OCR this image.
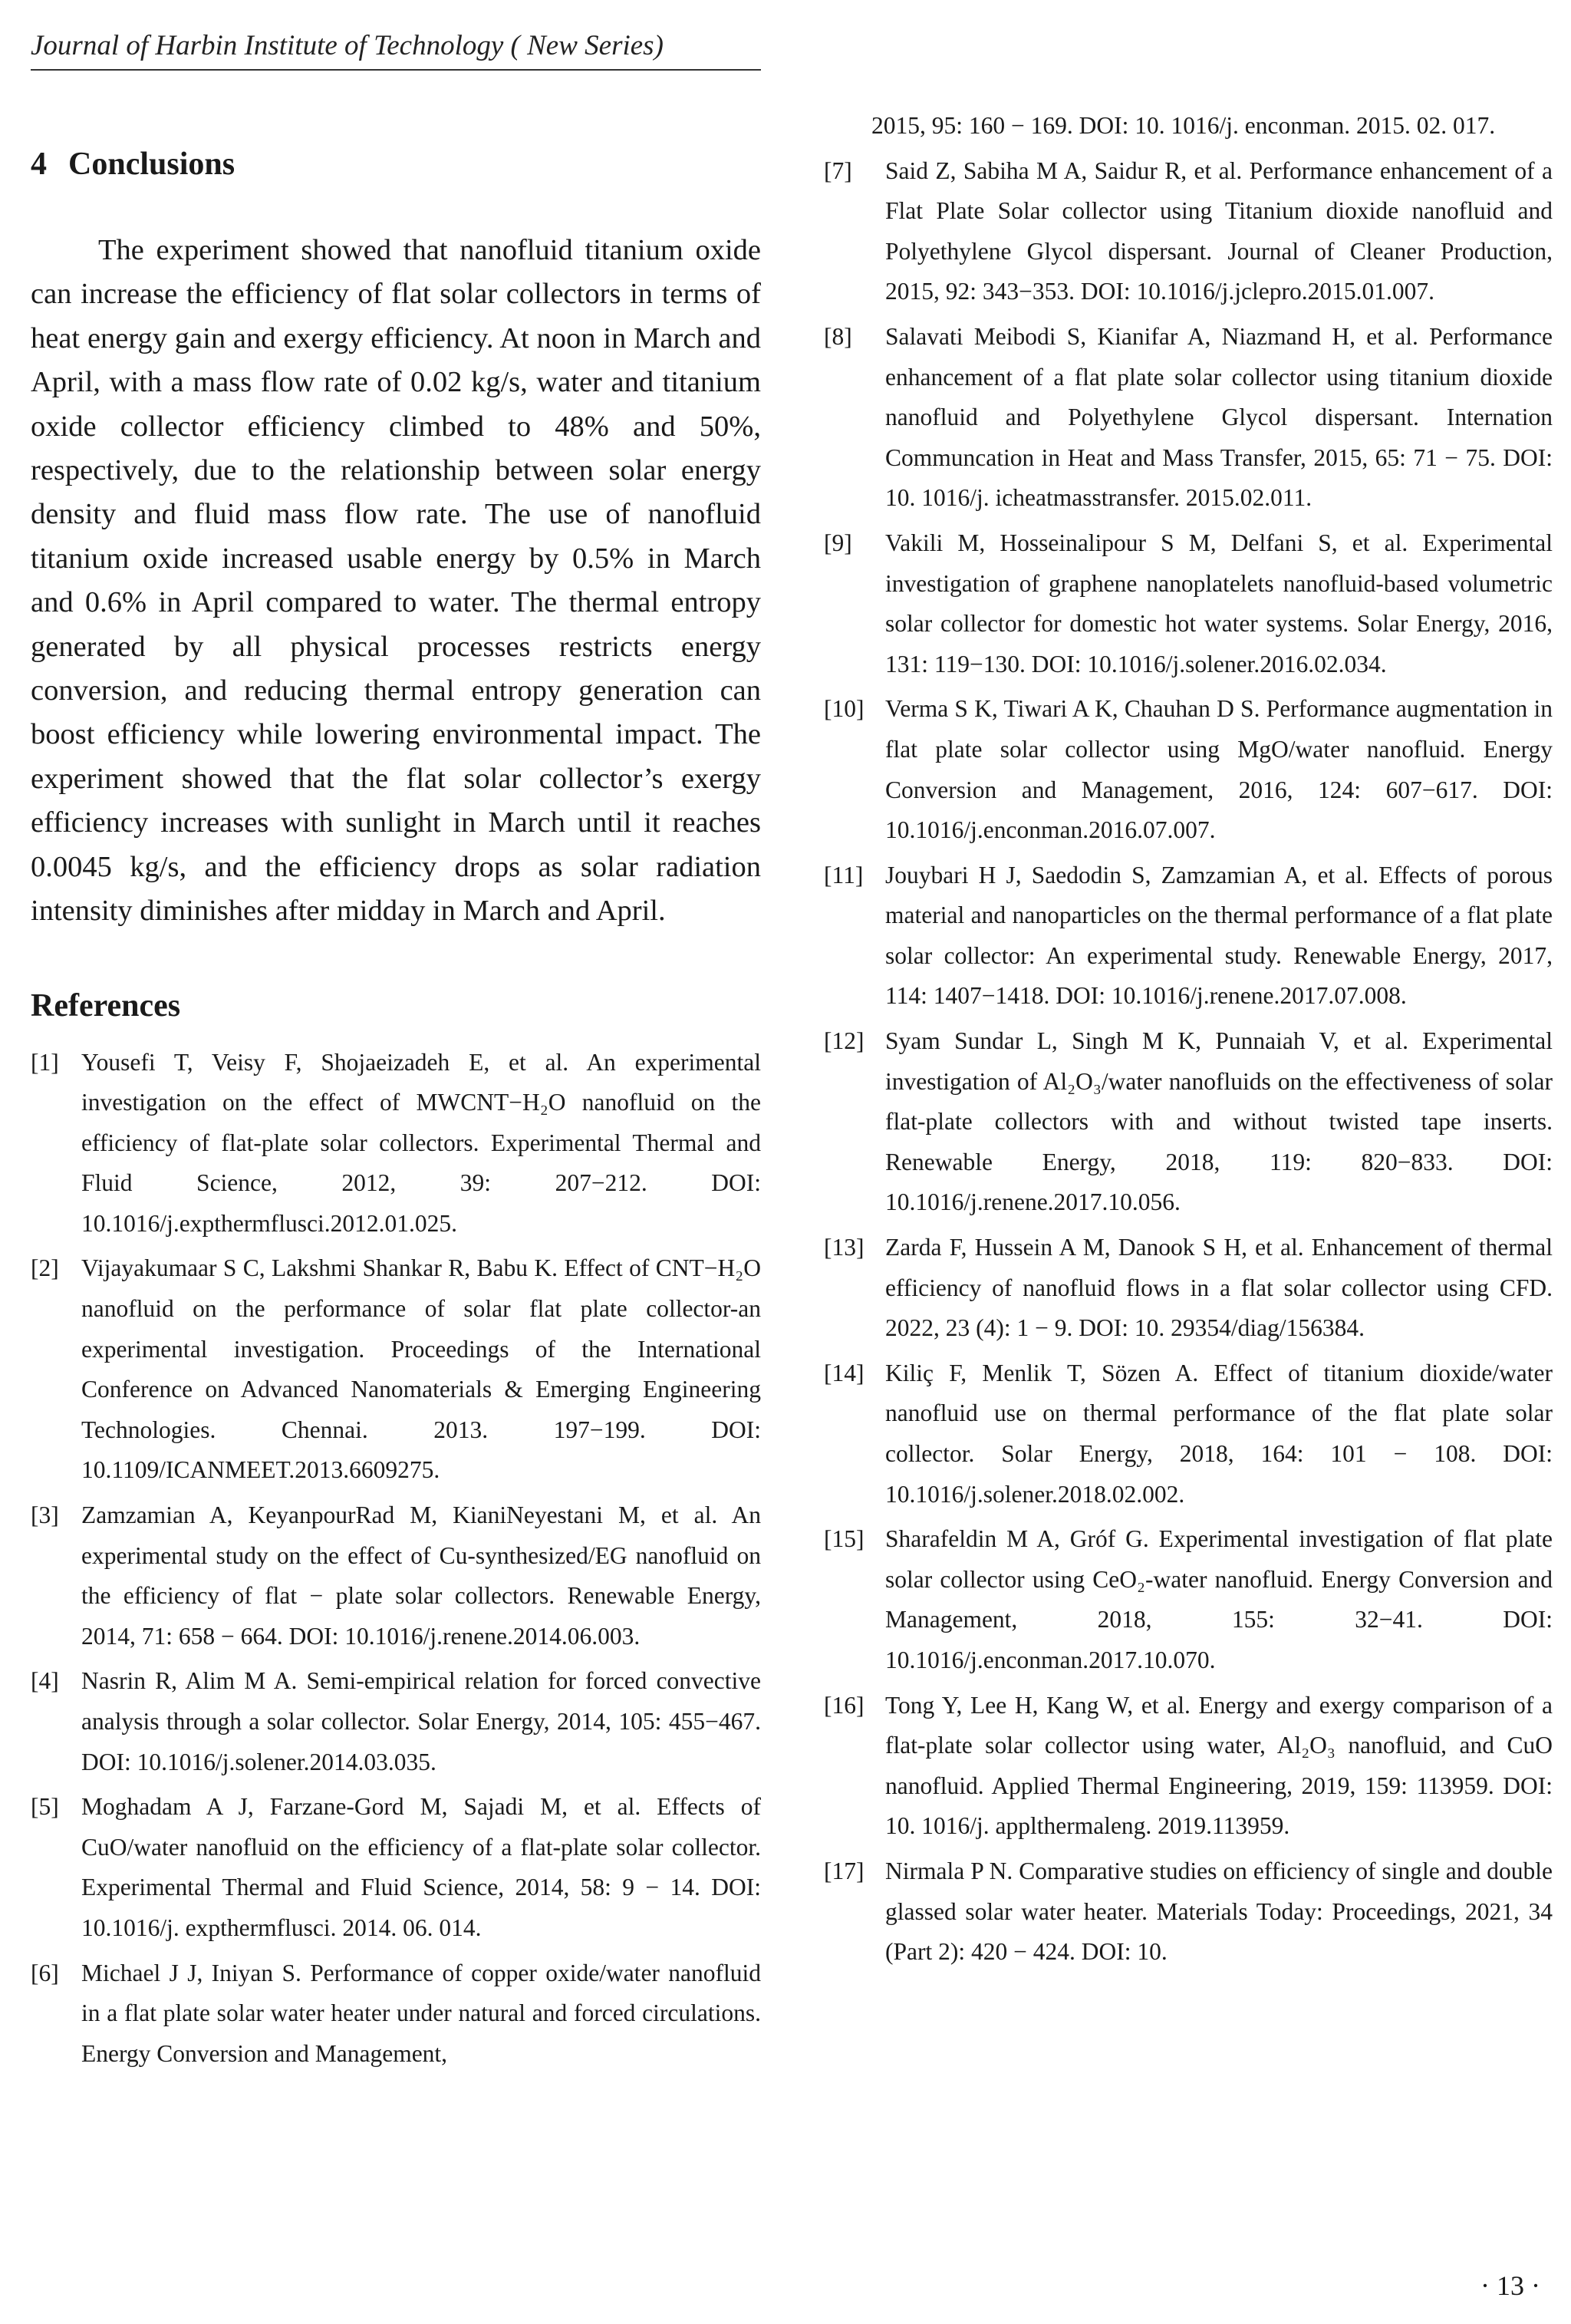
Journal of Harbin Institute of Technology ( New Series)
4 Conclusions

The experiment showed that nanofluid titanium oxide can increase the efficiency of flat solar collectors in terms of heat energy gain and exergy efficiency. At noon in March and April, with a mass flow rate of 0.02 kg/s, water and titanium oxide collector efficiency climbed to 48% and 50%, respectively, due to the relationship between solar energy density and fluid mass flow rate. The use of nanofluid titanium oxide increased usable energy by 0.5% in March and 0.6% in April compared to water. The thermal entropy generated by all physical processes restricts energy conversion, and reducing thermal entropy generation can boost efficiency while lowering environmental impact. The experiment showed that the flat solar collector’s exergy efficiency increases with sunlight in March until it reaches 0.0045 kg/s, and the efficiency drops as solar radiation intensity diminishes after midday in March and April.

References
[1] Yousefi T, Veisy F, Shojaeizadeh E, et al. An experimental investigation on the effect of MWCNT−H₂O nanofluid on the efficiency of flat-plate solar collectors. Experimental Thermal and Fluid Science, 2012, 39: 207−212. DOI: 10.1016/j.expthermflusci.2012.01.025.
[2] Vijayakumaar S C, Lakshmi Shankar R, Babu K. Effect of CNT−H₂O nanofluid on the performance of solar flat plate collector-an experimental investigation. Proceedings of the International Conference on Advanced Nanomaterials & Emerging Engineering Technologies. Chennai. 2013. 197−199. DOI: 10.1109/ICANMEET.2013.6609275.
[3] Zamzamian A, KeyanpourRad M, KianiNeyestani M, et al. An experimental study on the effect of Cu-synthesized/EG nanofluid on the efficiency of flat − plate solar collectors. Renewable Energy, 2014, 71: 658 − 664. DOI: 10.1016/j.renene.2014.06.003.
[4] Nasrin R, Alim M A. Semi-empirical relation for forced convective analysis through a solar collector. Solar Energy, 2014, 105: 455−467. DOI: 10.1016/j.solener.2014.03.035.
[5] Moghadam A J, Farzane-Gord M, Sajadi M, et al. Effects of CuO/water nanofluid on the efficiency of a flat-plate solar collector. Experimental Thermal and Fluid Science, 2014, 58: 9 − 14. DOI: 10.1016/j. expthermflusci. 2014. 06. 014.
[6] Michael J J, Iniyan S. Performance of copper oxide/water nanofluid in a flat plate solar water heater under natural and forced circulations. Energy Conversion and Management,
2015, 95: 160 − 169. DOI: 10. 1016/j. enconman. 2015. 02. 017.
[7] Said Z, Sabiha M A, Saidur R, et al. Performance enhancement of a Flat Plate Solar collector using Titanium dioxide nanofluid and Polyethylene Glycol dispersant. Journal of Cleaner Production, 2015, 92: 343−353. DOI: 10.1016/j.jclepro.2015.01.007.
[8] Salavati Meibodi S, Kianifar A, Niazmand H, et al. Performance enhancement of a flat plate solar collector using titanium dioxide nanofluid and Polyethylene Glycol dispersant. Internation Communcation in Heat and Mass Transfer, 2015, 65: 71 − 75. DOI: 10. 1016/j. icheatmasstransfer. 2015.02.011.
[9] Vakili M, Hosseinalipour S M, Delfani S, et al. Experimental investigation of graphene nanoplatelets nanofluid-based volumetric solar collector for domestic hot water systems. Solar Energy, 2016, 131: 119−130. DOI: 10.1016/j.solener.2016.02.034.
[10] Verma S K, Tiwari A K, Chauhan D S. Performance augmentation in flat plate solar collector using MgO/water nanofluid. Energy Conversion and Management, 2016, 124: 607−617. DOI: 10.1016/j.enconman.2016.07.007.
[11] Jouybari H J, Saedodin S, Zamzamian A, et al. Effects of porous material and nanoparticles on the thermal performance of a flat plate solar collector: An experimental study. Renewable Energy, 2017, 114: 1407−1418. DOI: 10.1016/j.renene.2017.07.008.
[12] Syam Sundar L, Singh M K, Punnaiah V, et al. Experimental investigation of Al₂O₃/water nanofluids on the effectiveness of solar flat-plate collectors with and without twisted tape inserts. Renewable Energy, 2018, 119: 820−833. DOI: 10.1016/j.renene.2017.10.056.
[13] Zarda F, Hussein A M, Danook S H, et al. Enhancement of thermal efficiency of nanofluid flows in a flat solar collector using CFD. 2022, 23 (4): 1 − 9. DOI: 10. 29354/diag/156384.
[14] Kiliç F, Menlik T, Sözen A. Effect of titanium dioxide/water nanofluid use on thermal performance of the flat plate solar collector. Solar Energy, 2018, 164: 101 − 108. DOI: 10.1016/j.solener.2018.02.002.
[15] Sharafeldin M A, Gróf G. Experimental investigation of flat plate solar collector using CeO₂-water nanofluid. Energy Conversion and Management, 2018, 155: 32−41. DOI: 10.1016/j.enconman.2017.10.070.
[16] Tong Y, Lee H, Kang W, et al. Energy and exergy comparison of a flat-plate solar collector using water, Al₂O₃ nanofluid, and CuO nanofluid. Applied Thermal Engineering, 2019, 159: 113959. DOI: 10. 1016/j. applthermaleng. 2019.113959.
[17] Nirmala P N. Comparative studies on efficiency of single and double glassed solar water heater. Materials Today: Proceedings, 2021, 34 (Part 2): 420 − 424. DOI: 10.
· 13 ·
